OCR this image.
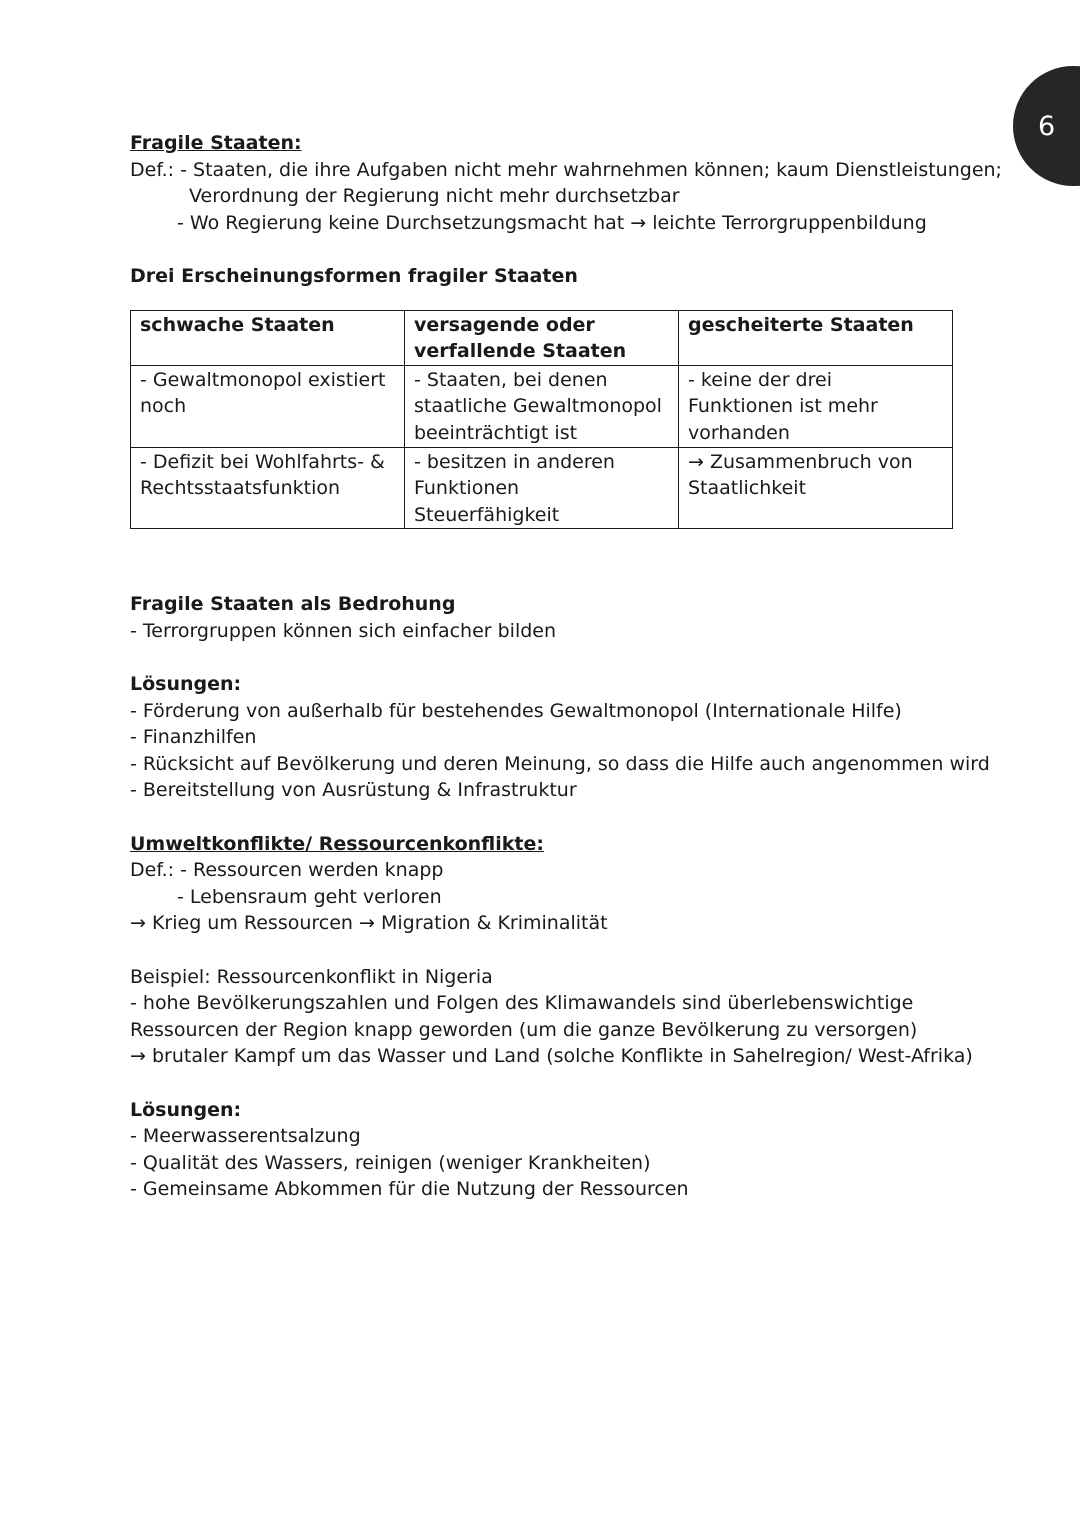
6
Fragile Staaten:
Def.: - Staaten, die ihre Aufgaben nicht mehr wahrnehmen können; kaum Dienstleistungen;
Verordnung der Regierung nicht mehr durchsetzbar
- Wo Regierung keine Durchsetzungsmacht hat → leichte Terrorgruppenbildung
Drei Erscheinungsformen fragiler Staaten
schwache Staaten	versagende oder verfallende Staaten	gescheiterte Staaten
- Gewaltmonopol existiert noch	- Staaten, bei denen staatliche Gewaltmonopol beeinträchtigt ist	- keine der drei Funktionen ist mehr vorhanden
- Defizit bei Wohlfahrts- & Rechtsstaatsfunktion	- besitzen in anderen Funktionen Steuerfähigkeit	→ Zusammenbruch von Staatlichkeit
Fragile Staaten als Bedrohung
- Terrorgruppen können sich einfacher bilden
Lösungen:
- Förderung von außerhalb für bestehendes Gewaltmonopol (Internationale Hilfe)
- Finanzhilfen
- Rücksicht auf Bevölkerung und deren Meinung, so dass die Hilfe auch angenommen wird
- Bereitstellung von Ausrüstung & Infrastruktur
Umweltkonflikte/ Ressourcenkonflikte:
Def.: - Ressourcen werden knapp
- Lebensraum geht verloren
→ Krieg um Ressourcen → Migration & Kriminalität
Beispiel: Ressourcenkonflikt in Nigeria
- hohe Bevölkerungszahlen und Folgen des Klimawandels sind überlebenswichtige
Ressourcen der Region knapp geworden (um die ganze Bevölkerung zu versorgen)
→ brutaler Kampf um das Wasser und Land (solche Konflikte in Sahelregion/ West-Afrika)
Lösungen:
- Meerwasserentsalzung
- Qualität des Wassers, reinigen (weniger Krankheiten)
- Gemeinsame Abkommen für die Nutzung der Ressourcen
